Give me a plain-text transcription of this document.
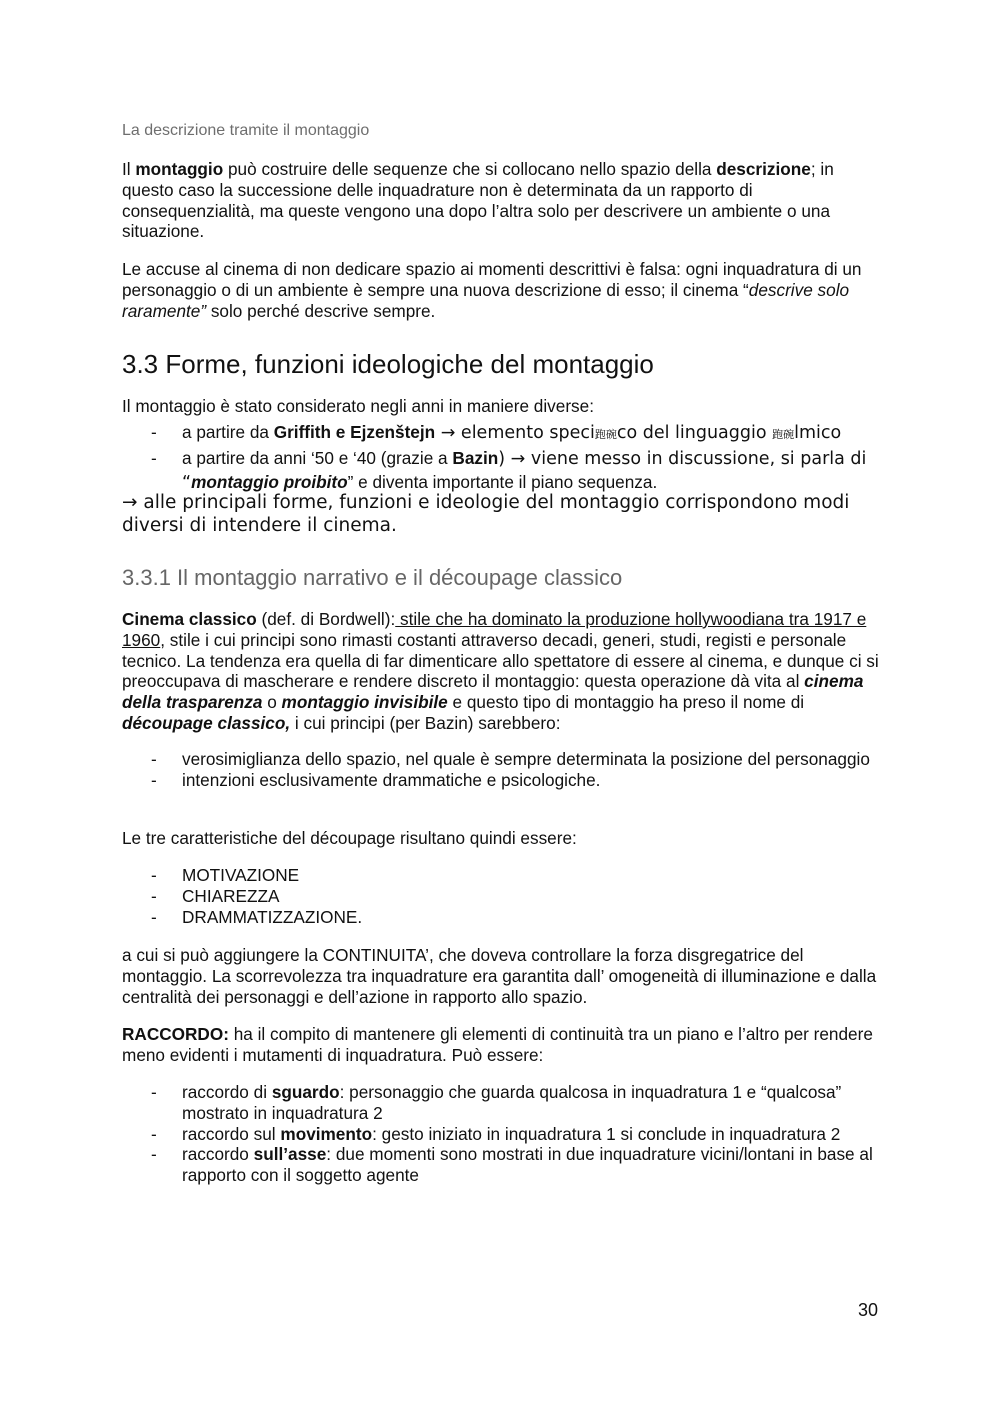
La descrizione tramite il montaggio

Il montaggio può costruire delle sequenze che si collocano nello spazio della descrizione; in questo caso la successione delle inquadrature non è determinata da un rapporto di consequenzialità, ma queste vengono una dopo l’altra solo per descrivere un ambiente o una situazione.

Le accuse al cinema di non dedicare spazio ai momenti descrittivi è falsa: ogni inquadratura di un personaggio o di un ambiente è sempre una nuova descrizione di esso; il cinema “descrive solo raramente” solo perché descrive sempre.

3.3 Forme, funzioni ideologiche del montaggio

Il montaggio è stato considerato negli anni in maniere diverse:

- a partire da Griffith e Ejzenštejn → elemento speci跑碗co del linguaggio 跑碗lmico
- a partire da anni ‘50 e ‘40 (grazie a Bazin) → viene messo in discussione, si parla di “montaggio proibito” e diventa importante il piano sequenza.

→ alle principali forme, funzioni e ideologie del montaggio corrispondono modi diversi di intendere il cinema.

3.3.1 Il montaggio narrativo e il découpage classico

Cinema classico (def. di Bordwell): stile che ha dominato la produzione hollywoodiana tra 1917 e 1960, stile i cui principi sono rimasti costanti attraverso decadi, generi, studi, registi e personale tecnico. La tendenza era quella di far dimenticare allo spettatore di essere al cinema, e dunque ci si preoccupava di mascherare e rendere discreto il montaggio: questa operazione dà vita al cinema della trasparenza o montaggio invisibile e questo tipo di montaggio ha preso il nome di découpage classico, i cui principi (per Bazin) sarebbero:

- verosimiglianza dello spazio, nel quale è sempre determinata la posizione del personaggio
- intenzioni esclusivamente drammatiche e psicologiche.

Le tre caratteristiche del découpage risultano quindi essere:

- MOTIVAZIONE
- CHIAREZZA
- DRAMMATIZZAZIONE.

a cui si può aggiungere la CONTINUITA’, che doveva controllare la forza disgregatrice del montaggio. La scorrevolezza tra inquadrature era garantita dall’ omogeneità di illuminazione e dalla centralità dei personaggi e dell’azione in rapporto allo spazio.

RACCORDO: ha il compito di mantenere gli elementi di continuità tra un piano e l’altro per rendere meno evidenti i mutamenti di inquadratura. Può essere:

- raccordo di sguardo: personaggio che guarda qualcosa in inquadratura 1 e “qualcosa” mostrato in inquadratura 2
- raccordo sul movimento: gesto iniziato in inquadratura 1 si conclude in inquadratura 2
- raccordo sull’asse: due momenti sono mostrati in due inquadrature vicini/lontani in base al rapporto con il soggetto agente
30
